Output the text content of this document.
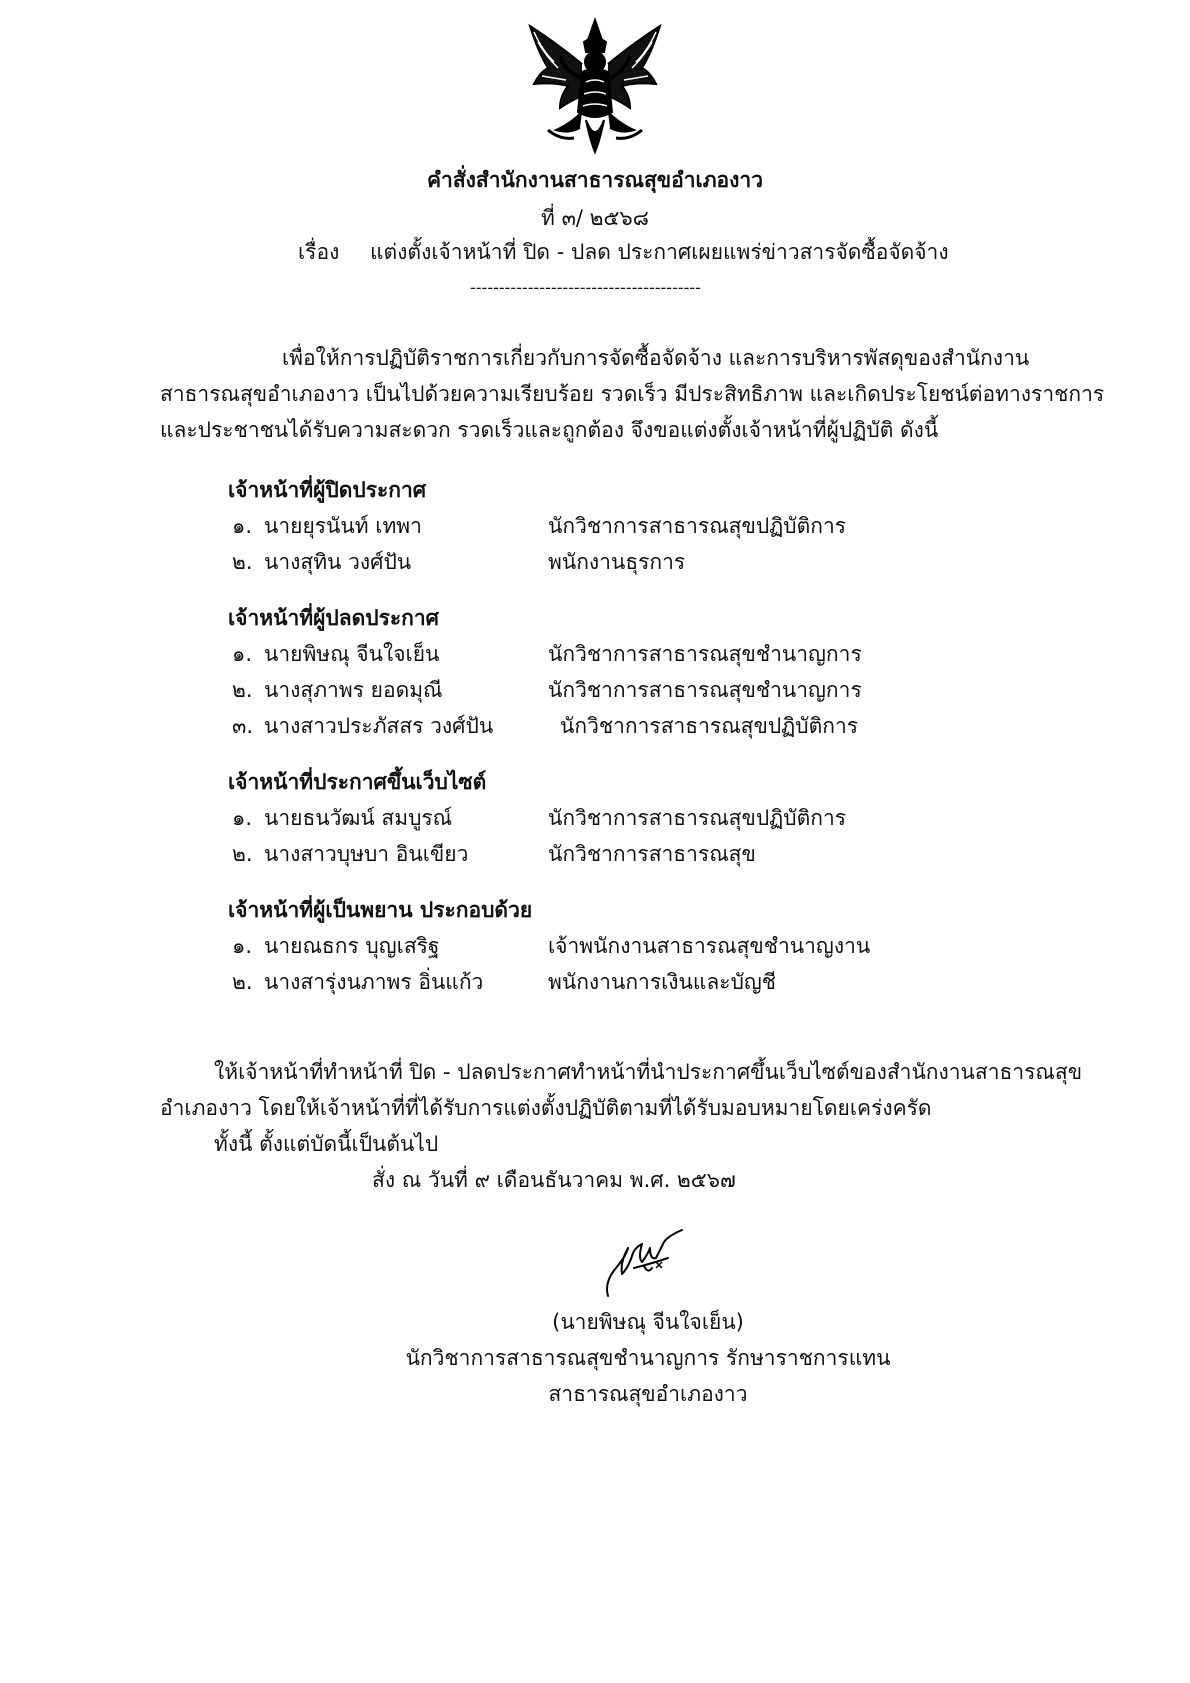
คำสั่งสำนักงานสาธารณสุขอำเภองาว
ที่ ๓/ ๒๕๖๘
เรื่อง แต่งตั้งเจ้าหน้าที่ ปิด - ปลด ประกาศเผยแพร่ข่าวสารจัดซื้อจัดจ้าง
----------------------------------------
เพื่อให้การปฏิบัติราชการเกี่ยวกับการจัดซื้อจัดจ้าง และการบริหารพัสดุของสำนักงาน
สาธารณสุขอำเภองาว เป็นไปด้วยความเรียบร้อย รวดเร็ว มีประสิทธิภาพ และเกิดประโยชน์ต่อทางราชการ
และประชาชนได้รับความสะดวก รวดเร็วและถูกต้อง จึงขอแต่งตั้งเจ้าหน้าที่ผู้ปฏิบัติ ดังนี้
เจ้าหน้าที่ผู้ปิดประกาศ
๑. นายยุรนันท์ เทพา	นักวิชาการสาธารณสุขปฏิบัติการ
๒. นางสุทิน วงศ์ปัน	พนักงานธุรการ
เจ้าหน้าที่ผู้ปลดประกาศ
๑. นายพิษณุ จีนใจเย็น	นักวิชาการสาธารณสุขชำนาญการ
๒. นางสุภาพร ยอดมุณี	นักวิชาการสาธารณสุขชำนาญการ
๓. นางสาวประภัสสร วงศ์ปัน	นักวิชาการสาธารณสุขปฏิบัติการ
เจ้าหน้าที่ประกาศขึ้นเว็บไซต์
๑. นายธนวัฒน์ สมบูรณ์	นักวิชาการสาธารณสุขปฏิบัติการ
๒. นางสาวบุษบา อินเขียว	นักวิชาการสาธารณสุข
เจ้าหน้าที่ผู้เป็นพยาน ประกอบด้วย
๑. นายณธกร บุญเสริฐ	เจ้าพนักงานสาธารณสุขชำนาญงาน
๒. นางสารุ่งนภาพร อิ่นแก้ว	พนักงานการเงินและบัญชี
ให้เจ้าหน้าที่ทำหน้าที่ ปิด - ปลดประกาศทำหน้าที่นำประกาศขึ้นเว็บไซต์ของสำนักงานสาธารณสุข
อำเภองาว โดยให้เจ้าหน้าที่ที่ได้รับการแต่งตั้งปฏิบัติตามที่ได้รับมอบหมายโดยเคร่งครัด
ทั้งนี้ ตั้งแต่บัดนี้เป็นต้นไป
สั่ง ณ วันที่ ๙ เดือนธันวาคม พ.ศ. ๒๕๖๗
(นายพิษณุ จีนใจเย็น)
นักวิชาการสาธารณสุขชำนาญการ รักษาราชการแทน
สาธารณสุขอำเภองาว
